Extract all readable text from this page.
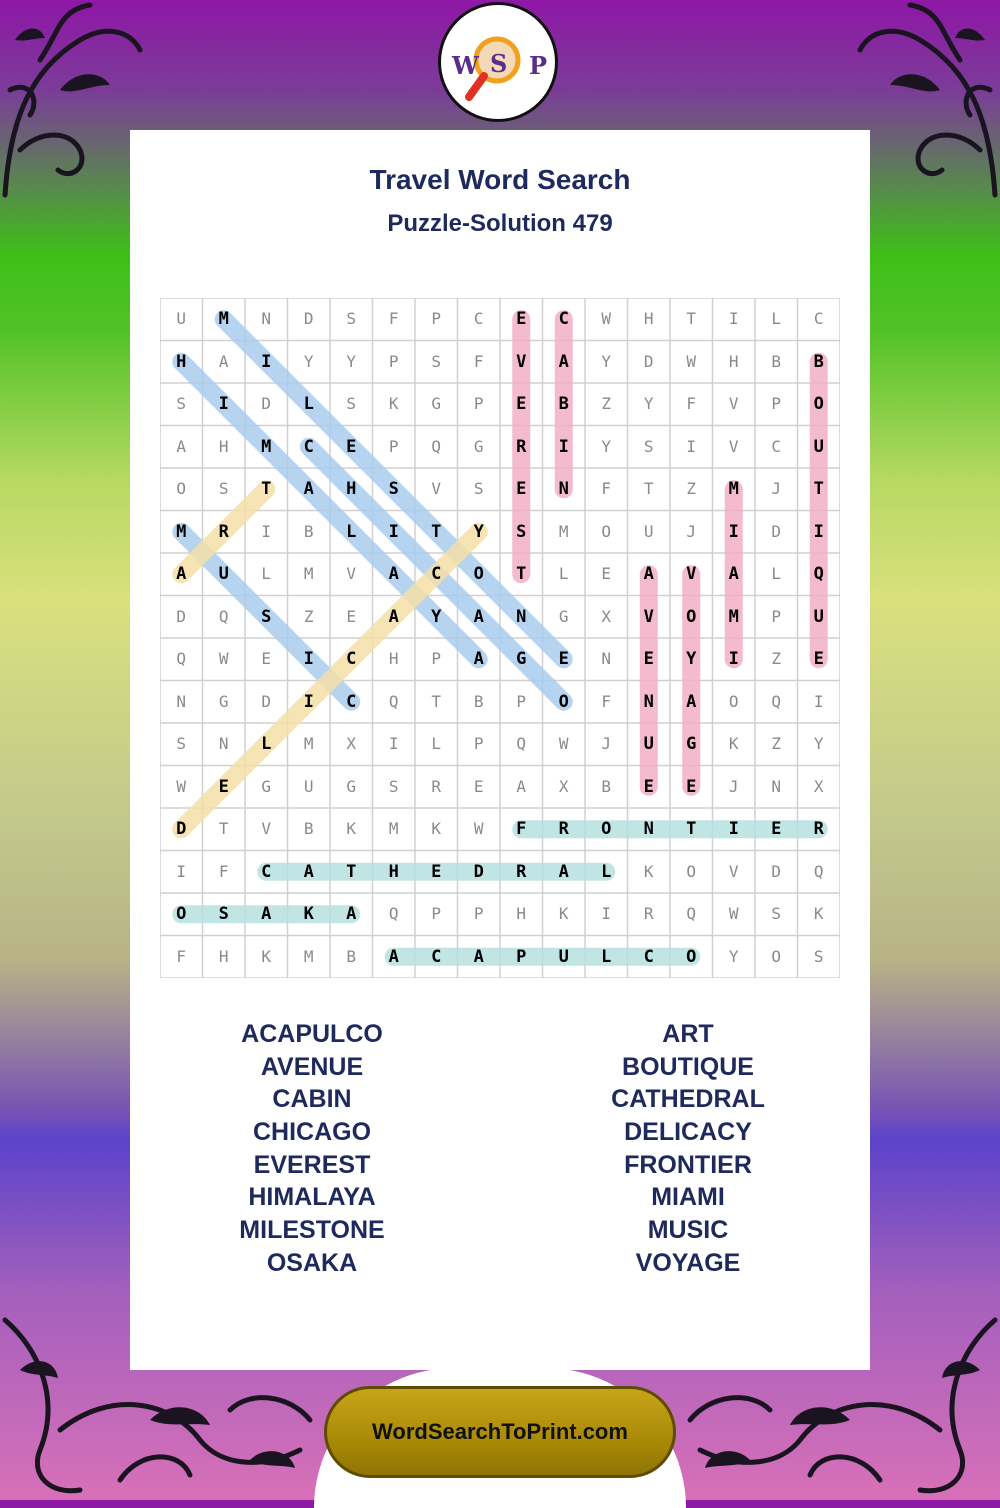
W S P
Travel Word Search
Puzzle-Solution 479
U	M	N	D	S	F	P	C	E	C	W	H	T	I	L	C
H	A	I	Y	Y	P	S	F	V	A	Y	D	W	H	B	B
S	I	D	L	S	K	G	P	E	B	Z	Y	F	V	P	O
A	H	M	C	E	P	Q	G	R	I	Y	S	I	V	C	U
O	S	T	A	H	S	V	S	E	N	F	T	Z	M	J	T
M	R	I	B	L	I	T	Y	S	M	O	U	J	I	D	I
A	U	L	M	V	A	C	O	T	L	E	A	V	A	L	Q
D	Q	S	Z	E	A	Y	A	N	G	X	V	O	M	P	U
Q	W	E	I	C	H	P	A	G	E	N	E	Y	I	Z	E
N	G	D	I	C	Q	T	B	P	O	F	N	A	O	Q	I
S	N	L	M	X	I	L	P	Q	W	J	U	G	K	Z	Y
W	E	G	U	G	S	R	E	A	X	B	E	E	J	N	X
D	T	V	B	K	M	K	W	F	R	O	N	T	I	E	R
I	F	C	A	T	H	E	D	R	A	L	K	O	V	D	Q
O	S	A	K	A	Q	P	P	H	K	I	R	Q	W	S	K
F	H	K	M	B	A	C	A	P	U	L	C	O	Y	O	S
ACAPULCO
AVENUE
CABIN
CHICAGO
EVEREST
HIMALAYA
MILESTONE
OSAKA
ART
BOUTIQUE
CATHEDRAL
DELICACY
FRONTIER
MIAMI
MUSIC
VOYAGE
WordSearchToPrint.com
